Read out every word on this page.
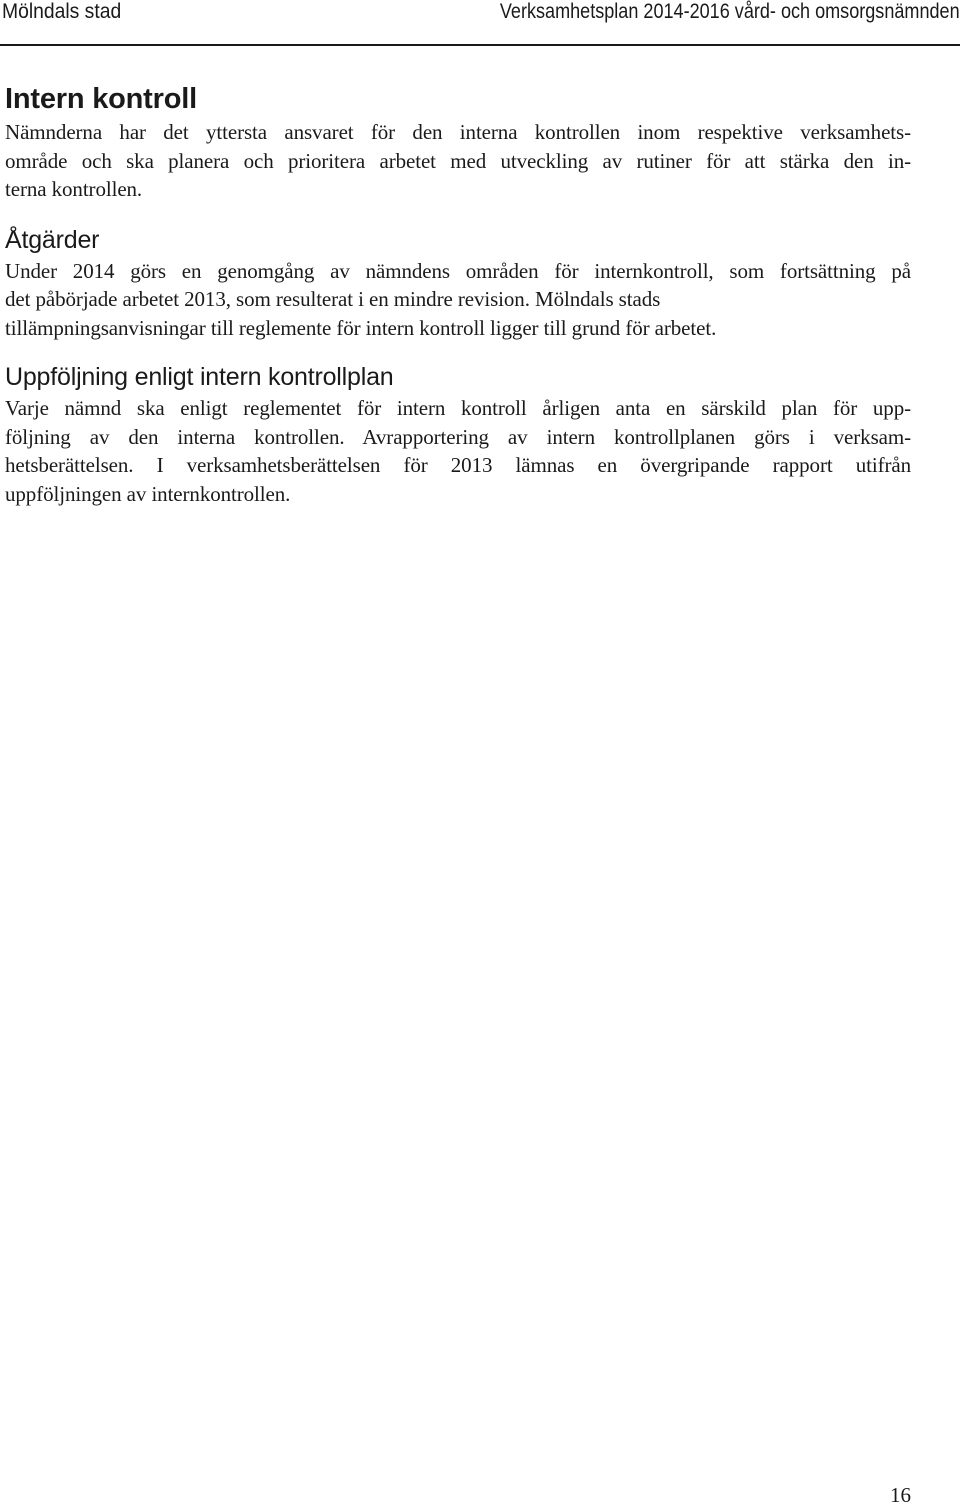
Mölndals stad	Verksamhetsplan 2014-2016 vård- och omsorgsnämnden
Intern kontroll

Nämnderna har det yttersta ansvaret för den interna kontrollen inom respektive verksamhets-
område och ska planera och prioritera arbetet med utveckling av rutiner för att stärka den in-
terna kontrollen.

Åtgärder

Under 2014 görs en genomgång av nämndens områden för internkontroll, som fortsättning på
det påbörjade arbetet 2013, som resulterat i en mindre revision. Mölndals stads
tillämpningsanvisningar till reglemente för intern kontroll ligger till grund för arbetet.

Uppföljning enligt intern kontrollplan

Varje nämnd ska enligt reglementet för intern kontroll årligen anta en särskild plan för upp-
följning av den interna kontrollen. Avrapportering av intern kontrollplanen görs i verksam-
hetsberättelsen. I verksamhetsberättelsen för 2013 lämnas en övergripande rapport utifrån
uppföljningen av internkontrollen.

16
